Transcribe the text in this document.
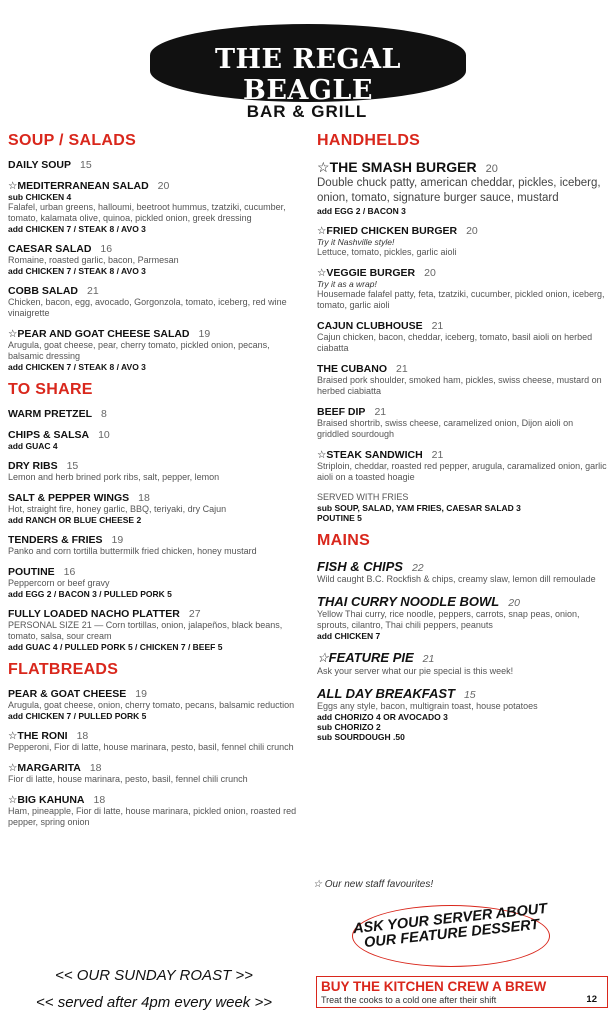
THE REGAL BEAGLE
BAR & GRILL
SOUP / SALADS
DAILY SOUP 15
☆MEDITERRANEAN SALAD 20
sub CHICKEN 4
Falafel, urban greens, halloumi, beetroot hummus, tzatziki, cucumber, tomato, kalamata olive, quinoa, pickled onion, greek dressing
add CHICKEN 7 / STEAK 8 / AVO 3
CAESAR SALAD 16
Romaine, roasted garlic, bacon, Parmesan
add CHICKEN 7 / STEAK 8 / AVO 3
COBB SALAD 21
Chicken, bacon, egg, avocado, Gorgonzola, tomato, iceberg, red wine vinaigrette
☆PEAR AND GOAT CHEESE SALAD 19
Arugula, goat cheese, pear, cherry tomato, pickled onion, pecans, balsamic dressing
add CHICKEN 7 / STEAK 8 / AVO 3
TO SHARE
WARM PRETZEL 8
CHIPS & SALSA 10
add GUAC 4
DRY RIBS 15
Lemon and herb brined pork ribs, salt, pepper, lemon
SALT & PEPPER WINGS 18
Hot, straight fire, honey garlic, BBQ, teriyaki, dry Cajun
add RANCH OR BLUE CHEESE 2
TENDERS & FRIES 19
Panko and corn tortilla buttermilk fried chicken, honey mustard
POUTINE 16
Peppercorn or beef gravy
add EGG 2 / BACON 3 / PULLED PORK 5
FULLY LOADED NACHO PLATTER 27
PERSONAL SIZE 21 — Corn tortillas, onion, jalapeños, black beans, tomato, salsa, sour cream
add GUAC 4 / PULLED PORK 5 / CHICKEN 7 / BEEF 5
FLATBREADS
PEAR & GOAT CHEESE 19
Arugula, goat cheese, onion, cherry tomato, pecans, balsamic reduction
add CHICKEN 7 / PULLED PORK 5
☆THE RONI 18
Pepperoni, Fior di latte, house marinara, pesto, basil, fennel chili crunch
☆MARGARITA 18
Fior di latte, house marinara, pesto, basil, fennel chili crunch
☆BIG KAHUNA 18
Ham, pineapple, Fior di latte, house marinara, pickled onion, roasted red pepper, spring onion
HANDHELDS
☆THE SMASH BURGER 20
Double chuck patty, american cheddar, pickles, iceberg, onion, tomato, signature burger sauce, mustard
add EGG 2 / BACON 3
☆FRIED CHICKEN BURGER 20
Try it Nashville style!
Lettuce, tomato, pickles, garlic aioli
☆VEGGIE BURGER 20
Try it as a wrap!
Housemade falafel patty, feta, tzatziki, cucumber, pickled onion, iceberg, tomato, garlic aioli
CAJUN CLUBHOUSE 21
Cajun chicken, bacon, cheddar, iceberg, tomato, basil aioli on herbed ciabatta
THE CUBANO 21
Braised pork shoulder, smoked ham, pickles, swiss cheese, mustard on herbed ciabiatta
BEEF DIP 21
Braised shortrib, swiss cheese, caramelized onion, Dijon aioli on griddled sourdough
☆STEAK SANDWICH 21
Striploin, cheddar, roasted red pepper, arugula, caramalized onion, garlic aioli on a toasted hoagie
SERVED WITH FRIES
sub SOUP, SALAD, YAM FRIES, CAESAR SALAD 3
POUTINE 5
MAINS
FISH & CHIPS 22
Wild caught B.C. Rockfish & chips, creamy slaw, lemon dill remoulade
THAI CURRY NOODLE BOWL 20
Yellow Thai curry, rice noodle, peppers, carrots, snap peas, onion, sprouts, cilantro, Thai chili peppers, peanuts
add CHICKEN 7
☆FEATURE PIE 21
Ask your server what our pie special is this week!
ALL DAY BREAKFAST 15
Eggs any style, bacon, multigrain toast, house potatoes
add CHORIZO 4 OR AVOCADO 3
sub CHORIZO 2
sub SOURDOUGH .50
<< OUR SUNDAY ROAST >>
<< served after 4pm every week >>
☆ Our new staff favourites!
ASK YOUR SERVER ABOUT OUR FEATURE DESSERT
BUY THE KITCHEN CREW A BREW
Treat the cooks to a cold one after their shift	12
